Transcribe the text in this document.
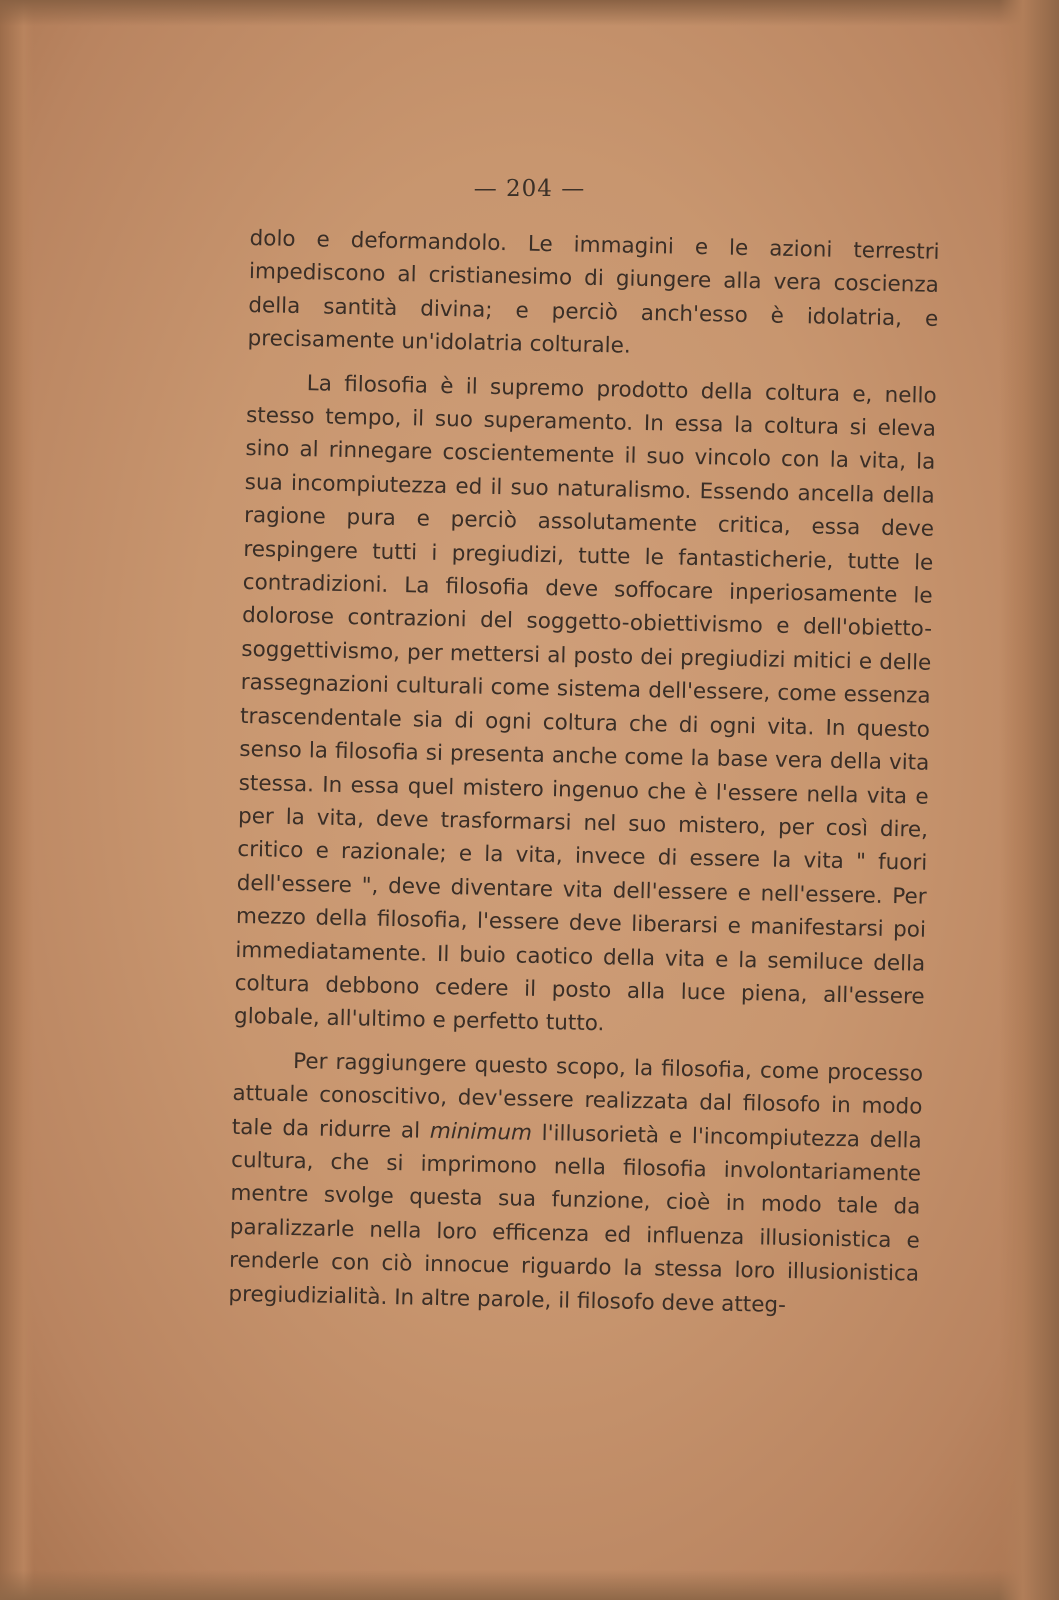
— 204 —

dolo e deformandolo. Le immagini e le azioni terrestri impediscono al cristianesimo di giungere alla vera coscienza della santità divina; e perciò anch'esso è idolatria, e precisamente un'idolatria colturale.

La filosofia è il supremo prodotto della coltura e, nello stesso tempo, il suo superamento. In essa la coltura si eleva sino al rinnegare coscientemente il suo vincolo con la vita, la sua incompiutezza ed il suo naturalismo. Essendo ancella della ragione pura e perciò assolutamente critica, essa deve respingere tutti i pregiudizi, tutte le fantasticherie, tutte le contradizioni. La filosofia deve soffocare inperiosamente le dolorose contrazioni del soggetto-obiettivismo e dell'obietto-soggettivismo, per mettersi al posto dei pregiudizi mitici e delle rassegnazioni culturali come sistema dell'essere, come essenza trascendentale sia di ogni coltura che di ogni vita. In questo senso la filosofia si presenta anche come la base vera della vita stessa. In essa quel mistero ingenuo che è l'essere nella vita e per la vita, deve trasformarsi nel suo mistero, per così dire, critico e razionale; e la vita, invece di essere la vita " fuori dell'essere ", deve diventare vita dell'essere e nell'essere. Per mezzo della filosofia, l'essere deve liberarsi e manifestarsi poi immediatamente. Il buio caotico della vita e la semiluce della coltura debbono cedere il posto alla luce piena, all'essere globale, all'ultimo e perfetto tutto.

Per raggiungere questo scopo, la filosofia, come processo attuale conoscitivo, dev'essere realizzata dal filosofo in modo tale da ridurre al minimum l'illusorietà e l'incompiutezza della cultura, che si imprimono nella filosofia involontariamente mentre svolge questa sua funzione, cioè in modo tale da paralizzarle nella loro efficenza ed influenza illusionistica e renderle con ciò innocue riguardo la stessa loro illusionistica pregiudizialità. In altre parole, il filosofo deve atteg-
